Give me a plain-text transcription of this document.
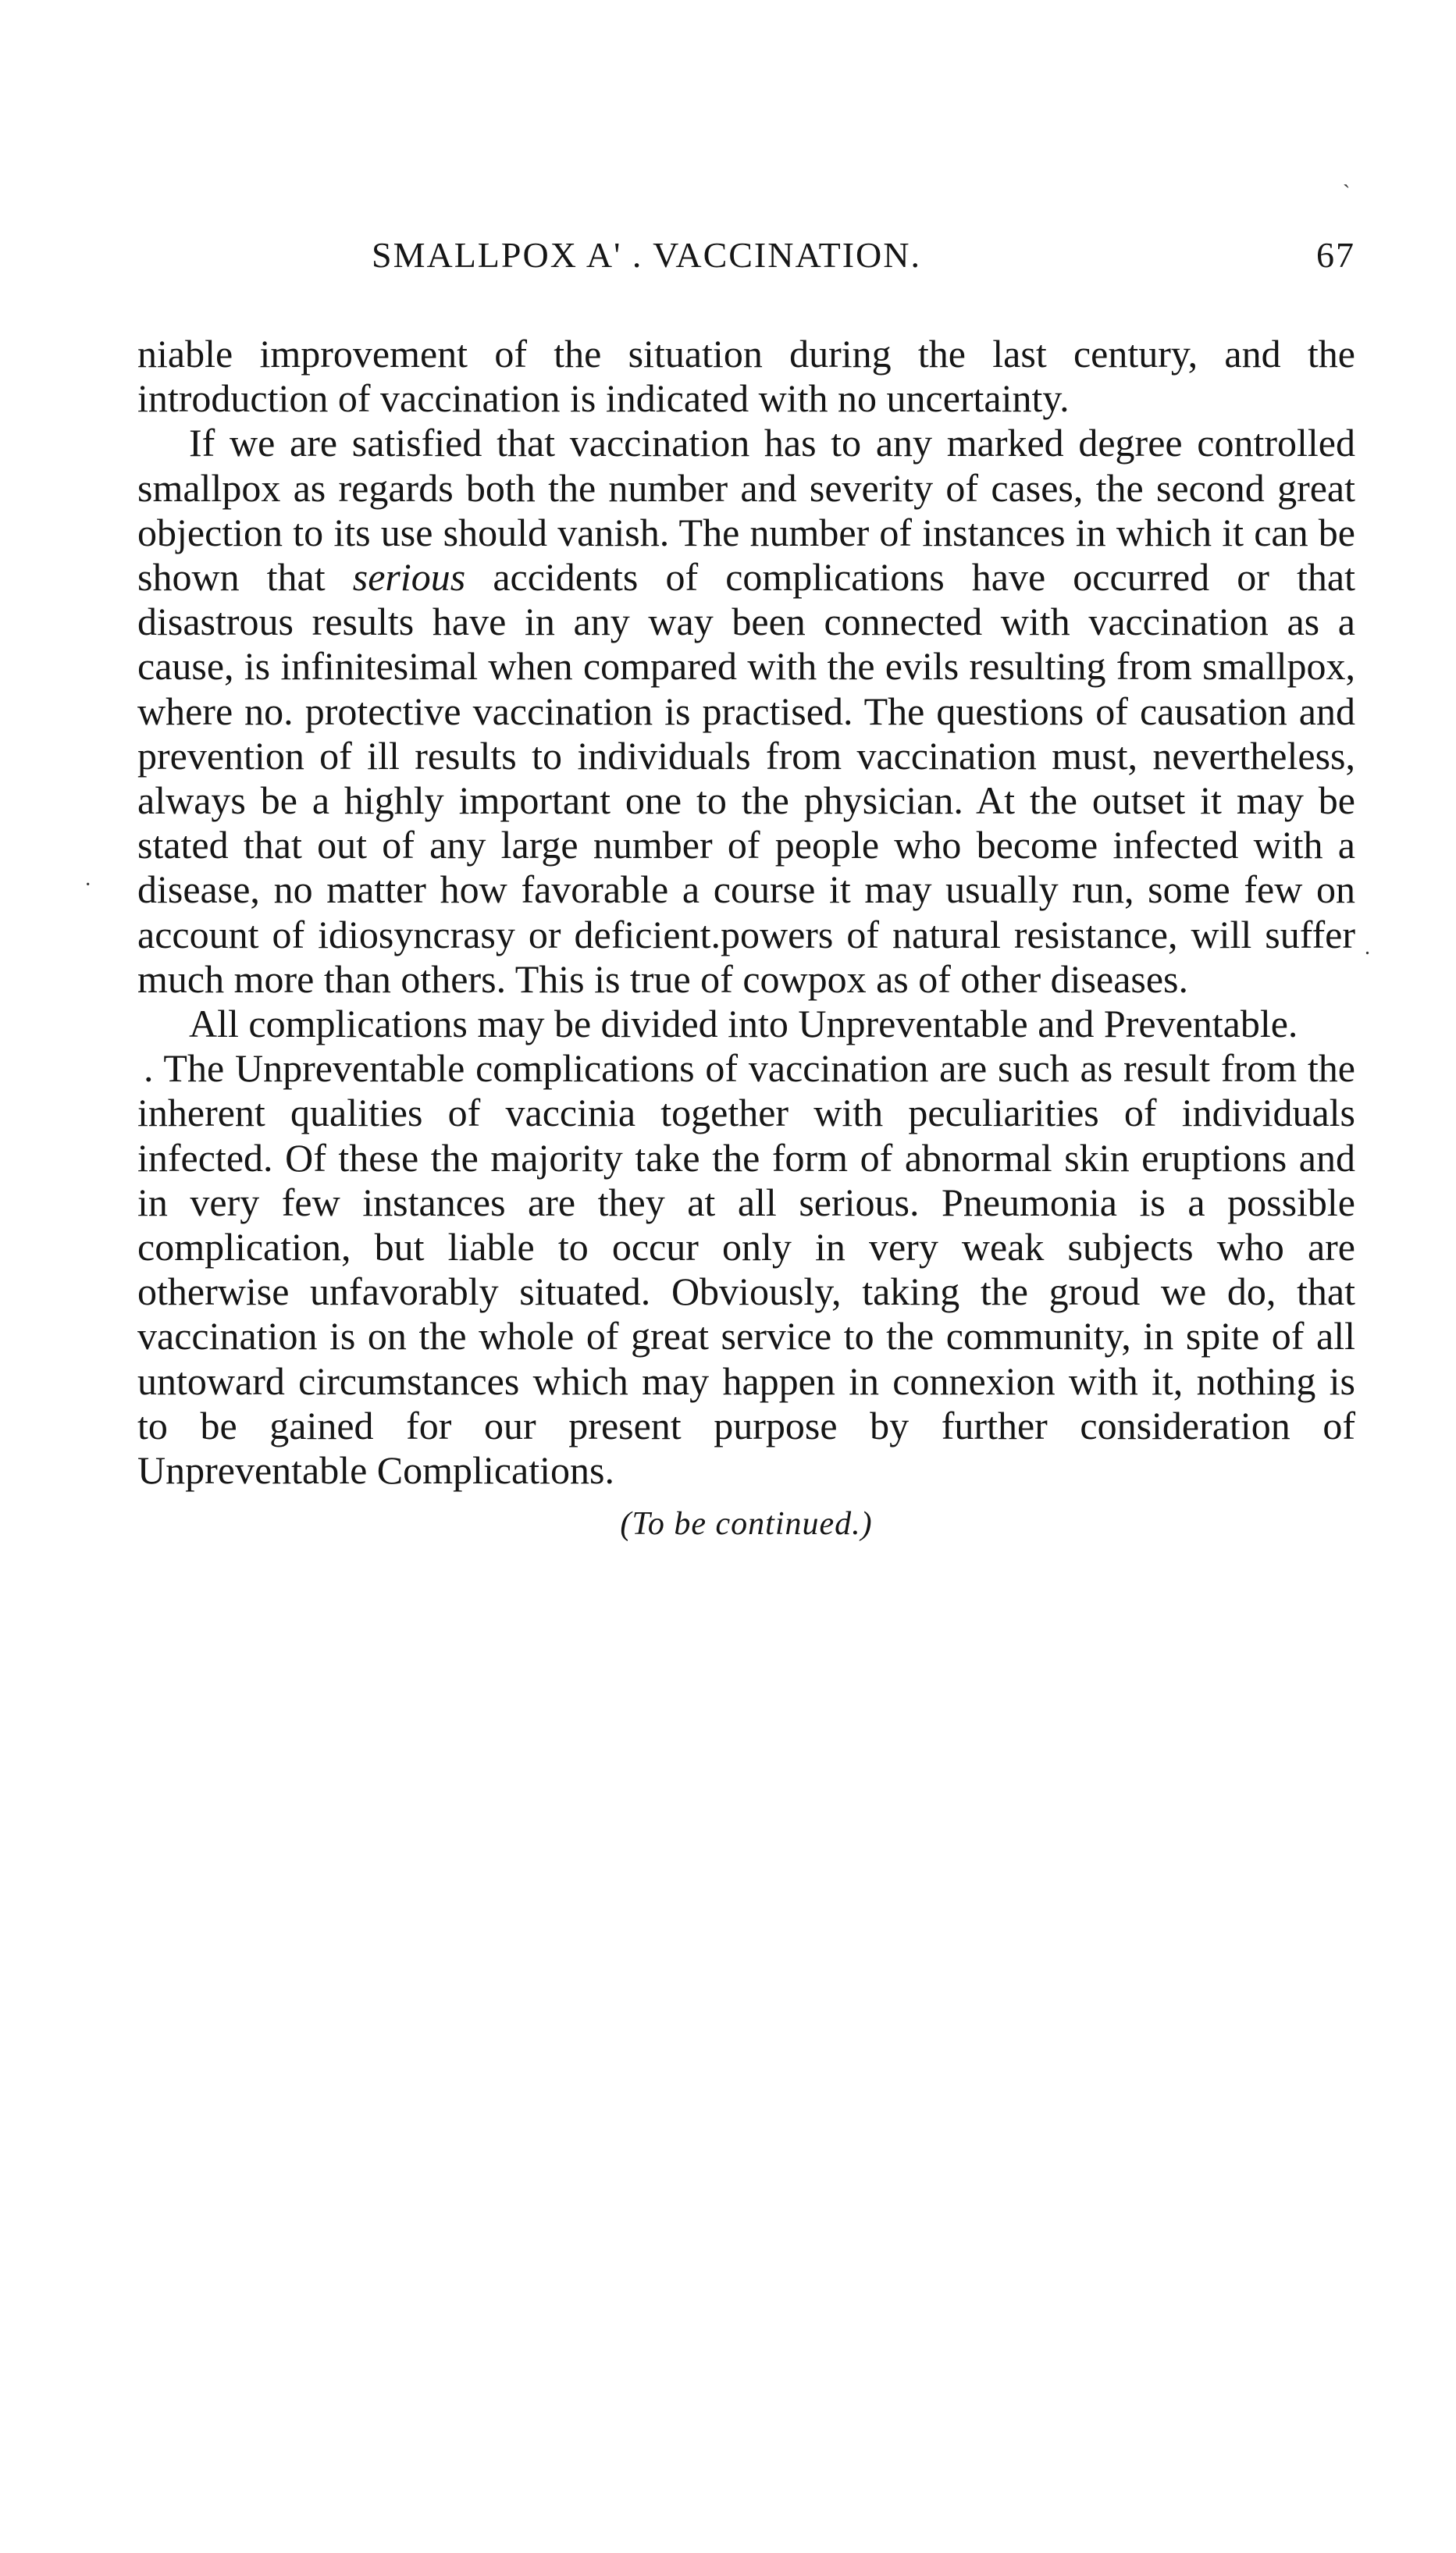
`
SMALLPOX A' . VACCINATION.	67
·
.

niable improvement of the situation during the last century, and the introduction of vaccination is indicated with no uncertainty.

If we are satisfied that vaccination has to any marked degree controlled smallpox as regards both the number and severity of cases, the second great objection to its use should vanish. The number of instances in which it can be shown that serious accidents of complications have occurred or that disastrous results have in any way been connected with vaccination as a cause, is infinitesimal when compared with the evils resulting from smallpox, where no. protective vaccination is practised. The questions of causation and prevention of ill results to individuals from vaccination must, nevertheless, always be a highly important one to the physician. At the outset it may be stated that out of any large number of people who become infected with a disease, no matter how favorable a course it may usually run, some few on account of idiosyncrasy or deficient.powers of natural resistance, will suffer much more than others. This is true of cowpox as of other diseases.

All complications may be divided into Unpreventable and Preventable.

. The Unpreventable complications of vaccination are such as result from the inherent qualities of vaccinia together with peculiarities of individuals infected. Of these the majority take the form of abnormal skin eruptions and in very few instances are they at all serious. Pneumonia is a possible complication, but liable to occur only in very weak subjects who are otherwise unfavorably situated. Obviously, taking the groud we do, that vaccination is on the whole of great service to the community, in spite of all untoward circumstances which may happen in connexion with it, nothing is to be gained for our present purpose by further consideration of Unpreventable Complications.

(To be continued.)
